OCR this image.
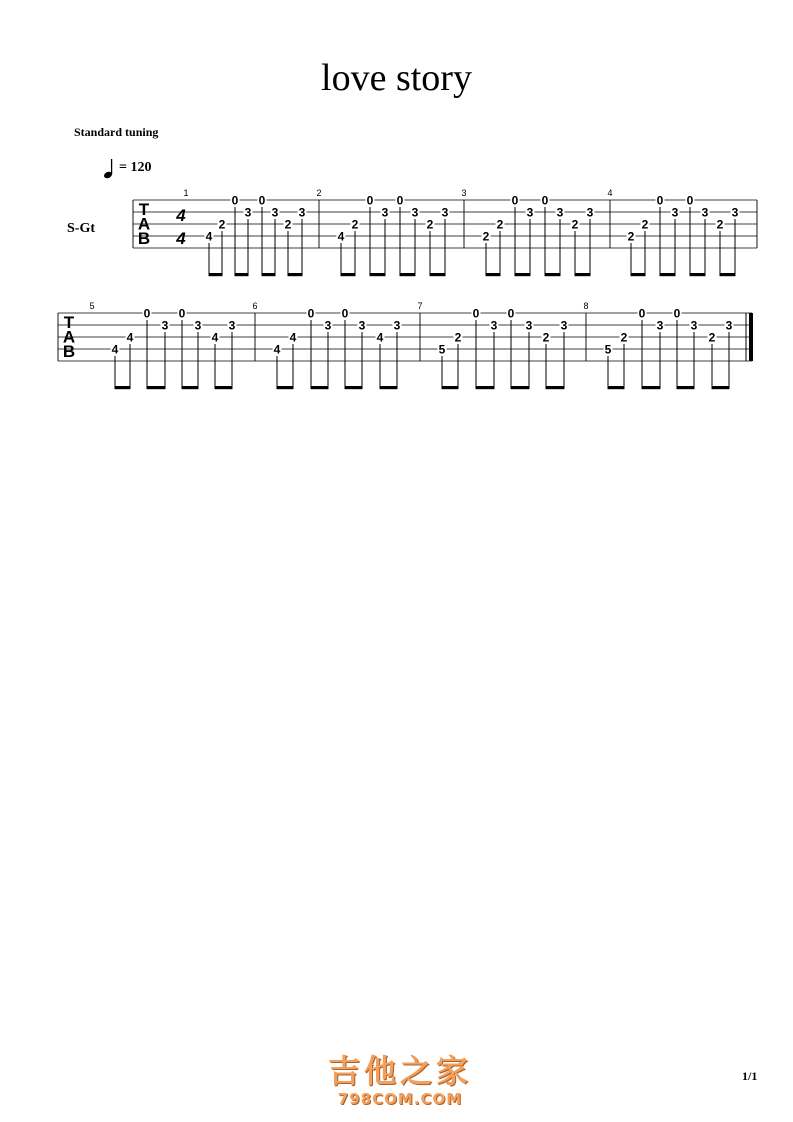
love story
Standard tuning
= 120
S-Gt
T
A
B
4
4
1
4
2
0
3
0
3
2
3
2
4
2
0
3
0
3
2
3
3
2
2
0
3
0
3
2
3
4
2
2
0
3
0
3
2
3
T
A
B
5
4
4
0
3
0
3
4
3
6
4
4
0
3
0
3
4
3
7
5
2
0
3
0
3
2
3
8
5
2
0
3
0
3
2
3
吉他之家
798COM.COM
1/1
